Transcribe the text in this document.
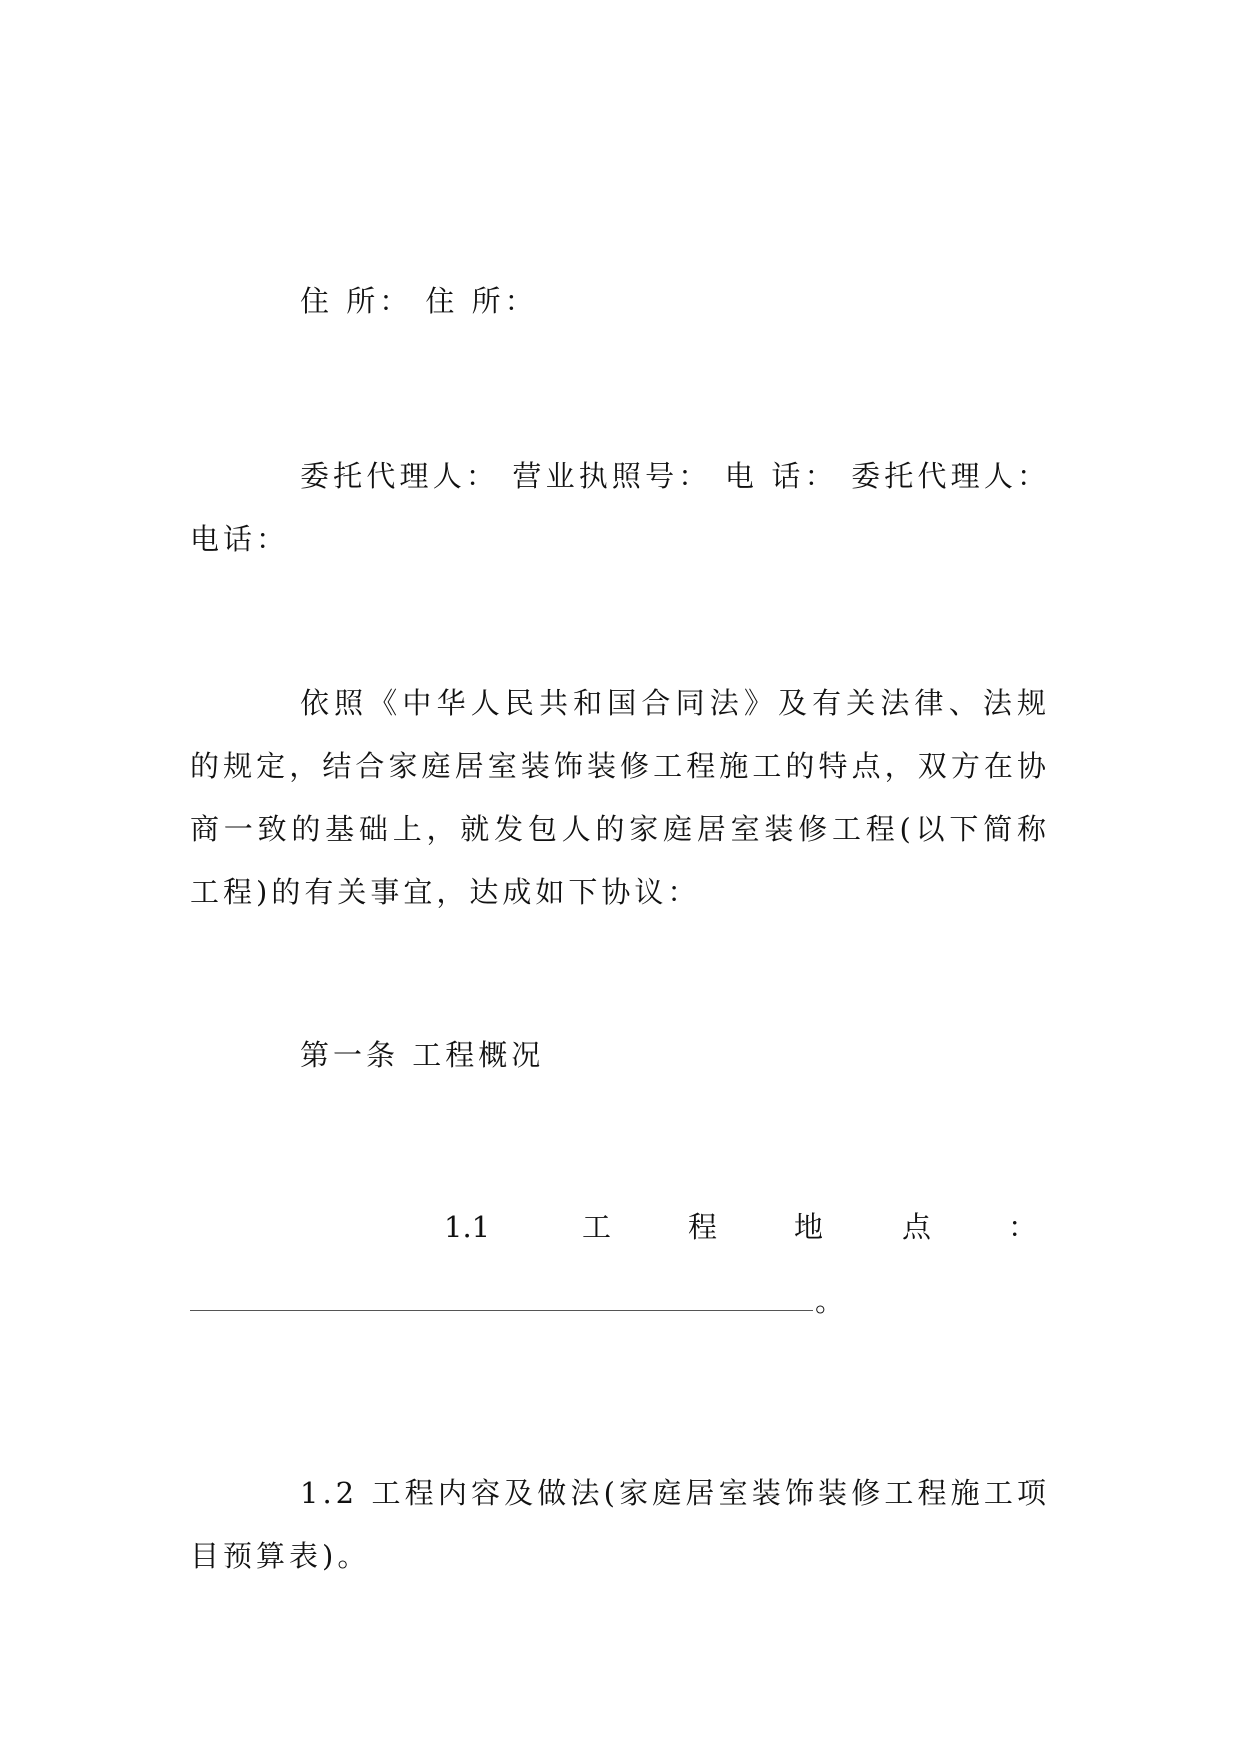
住 所： 住 所：
委托代理人： 营业执照号： 电 话： 委托代理人：电话：
依照《中华人民共和国合同法》及有关法律、法规的规定，结合家庭居室装饰装修工程施工的特点，双方在协商一致的基础上，就发包人的家庭居室装修工程(以下简称工程)的有关事宜，达成如下协议：
第一条 工程概况
1.1	工	程	地	点	：
。
1.2 工程内容及做法(家庭居室装饰装修工程施工项目预算表)。
